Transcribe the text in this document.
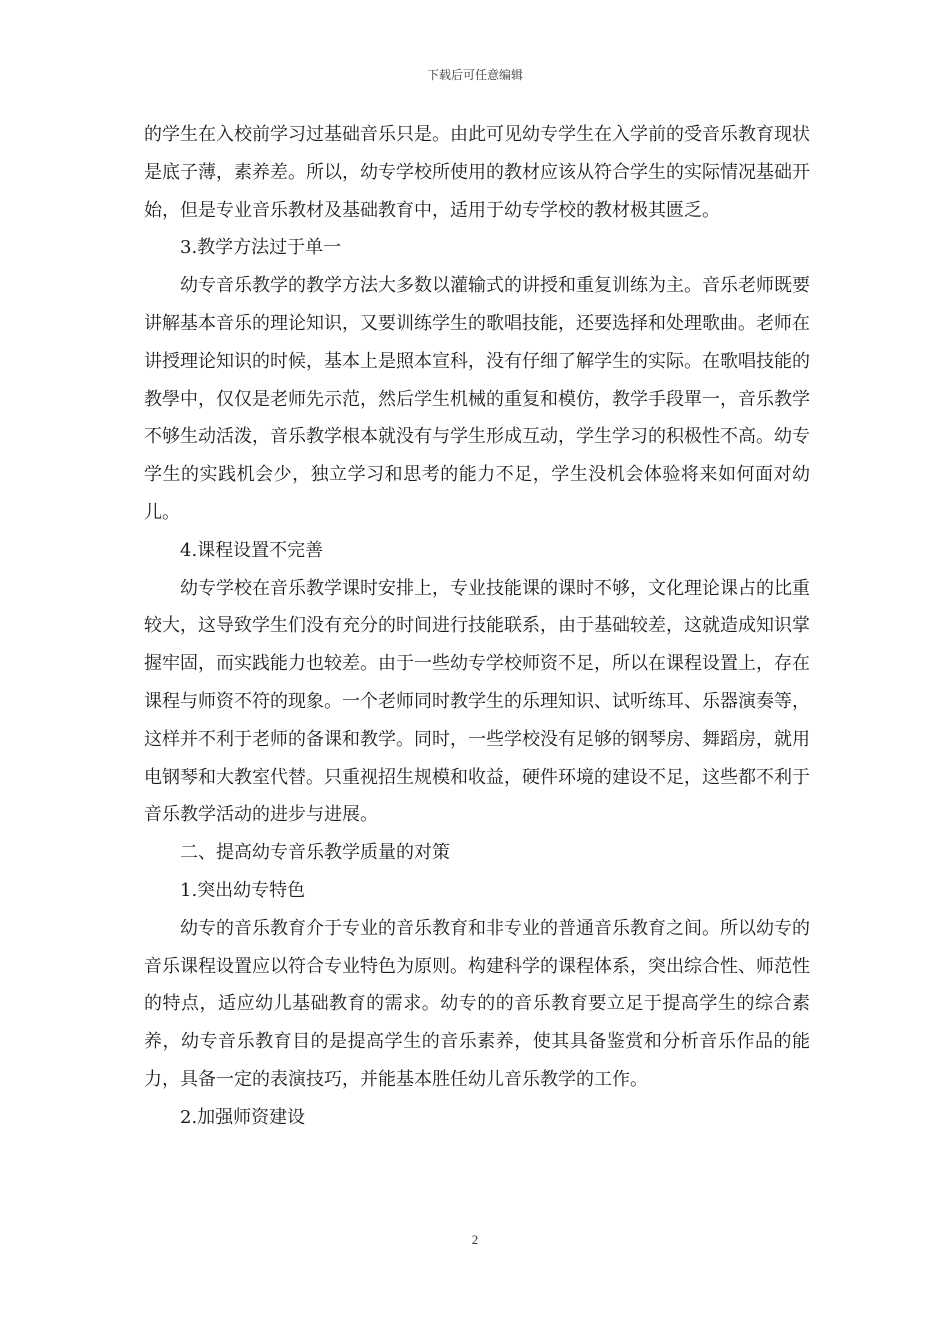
下载后可任意编辑

的学生在入校前学习过基础音乐只是。由此可见幼专学生在入学前的受音乐教育现状是底子薄，素养差。所以，幼专学校所使用的教材应该从符合学生的实际情况基础开始，但是专业音乐教材及基础教育中，适用于幼专学校的教材极其匮乏。

3.教学方法过于单一

幼专音乐教学的教学方法大多数以灌输式的讲授和重复训练为主。音乐老师既要讲解基本音乐的理论知识，又要训练学生的歌唱技能，还要选择和处理歌曲。老师在讲授理论知识的时候，基本上是照本宣科，没有仔细了解学生的实际。在歌唱技能的教學中，仅仅是老师先示范，然后学生机械的重复和模仿，教学手段單一，音乐教学不够生动活泼，音乐教学根本就没有与学生形成互动，学生学习的积极性不高。幼专学生的实践机会少，独立学习和思考的能力不足，学生没机会体验将来如何面对幼儿。

4.课程设置不完善

幼专学校在音乐教学课时安排上，专业技能课的课时不够，文化理论课占的比重较大，这导致学生们没有充分的时间进行技能联系，由于基础较差，这就造成知识掌握牢固，而实践能力也较差。由于一些幼专学校师资不足，所以在课程设置上，存在课程与师资不符的现象。一个老师同时教学生的乐理知识、试听练耳、乐器演奏等，这样并不利于老师的备课和教学。同时，一些学校没有足够的钢琴房、舞蹈房，就用电钢琴和大教室代替。只重视招生规模和收益，硬件环境的建设不足，这些都不利于音乐教学活动的进步与进展。

二、提高幼专音乐教学质量的对策

1.突出幼专特色

幼专的音乐教育介于专业的音乐教育和非专业的普通音乐教育之间。所以幼专的音乐课程设置应以符合专业特色为原则。构建科学的课程体系，突出综合性、师范性的特点，适应幼儿基础教育的需求。幼专的的音乐教育要立足于提高学生的综合素养，幼专音乐教育目的是提高学生的音乐素养，使其具备鉴赏和分析音乐作品的能力，具备一定的表演技巧，并能基本胜任幼儿音乐教学的工作。

2.加强师资建设

2
